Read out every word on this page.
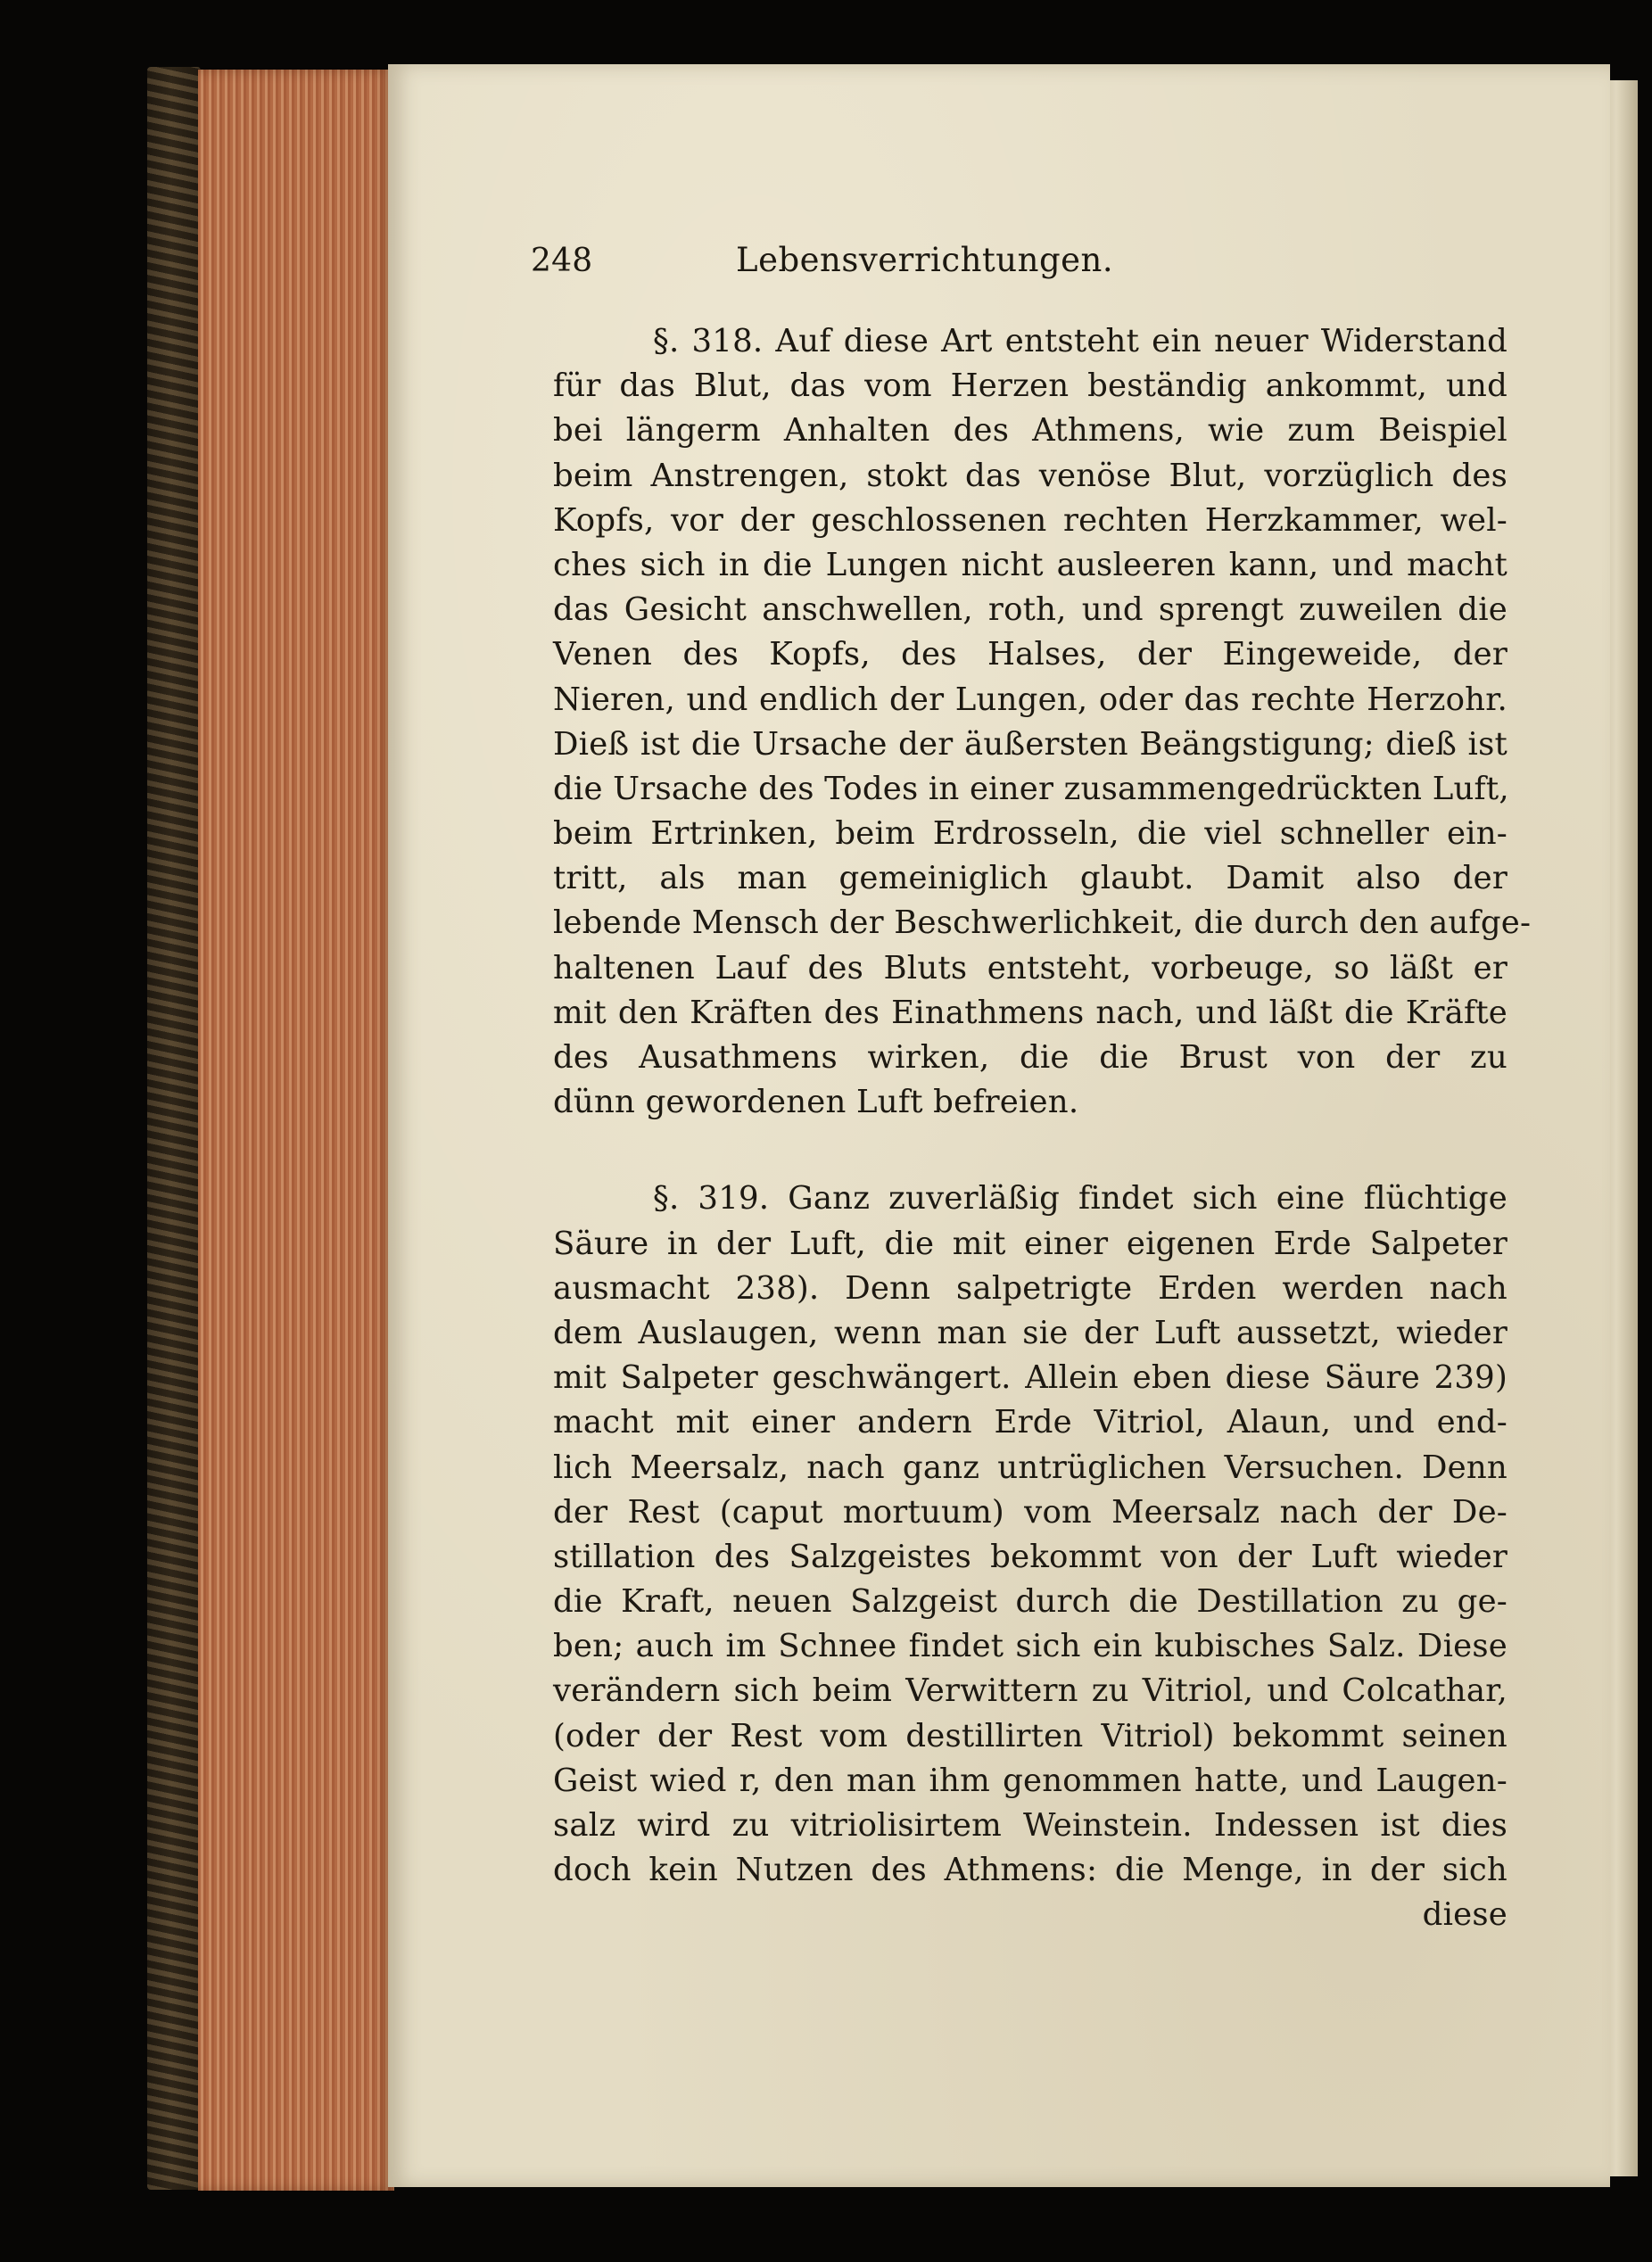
248	Lebensverrichtungen.
§. 318. Auf diese Art entsteht ein neuer Widerstand
für das Blut, das vom Herzen beständig ankommt, und
bei längerm Anhalten des Athmens, wie zum Beispiel
beim Anstrengen, stokt das venöse Blut, vorzüglich des
Kopfs, vor der geschlossenen rechten Herzkammer, wel-
ches sich in die Lungen nicht ausleeren kann, und macht
das Gesicht anschwellen, roth, und sprengt zuweilen die
Venen des Kopfs, des Halses, der Eingeweide, der
Nieren, und endlich der Lungen, oder das rechte Herzohr.
Dieß ist die Ursache der äußersten Beängstigung; dieß ist
die Ursache des Todes in einer zusammengedrückten Luft,
beim Ertrinken, beim Erdrosseln, die viel schneller ein-
tritt, als man gemeiniglich glaubt. Damit also der
lebende Mensch der Beschwerlichkeit, die durch den aufge-
haltenen Lauf des Bluts entsteht, vorbeuge, so läßt er
mit den Kräften des Einathmens nach, und läßt die Kräfte
des Ausathmens wirken, die die Brust von der zu
dünn gewordenen Luft befreien.
§. 319. Ganz zuverläßig findet sich eine flüchtige
Säure in der Luft, die mit einer eigenen Erde Salpeter
ausmacht 238). Denn salpetrigte Erden werden nach
dem Auslaugen, wenn man sie der Luft aussetzt, wieder
mit Salpeter geschwängert. Allein eben diese Säure 239)
macht mit einer andern Erde Vitriol, Alaun, und end-
lich Meersalz, nach ganz untrüglichen Versuchen. Denn
der Rest (caput mortuum) vom Meersalz nach der De-
stillation des Salzgeistes bekommt von der Luft wieder
die Kraft, neuen Salzgeist durch die Destillation zu ge-
ben; auch im Schnee findet sich ein kubisches Salz. Diese
verändern sich beim Verwittern zu Vitriol, und Colcathar,
(oder der Rest vom destillirten Vitriol) bekommt seinen
Geist wied r, den man ihm genommen hatte, und Laugen-
salz wird zu vitriolisirtem Weinstein. Indessen ist dies
doch kein Nutzen des Athmens: die Menge, in der sich
diese
